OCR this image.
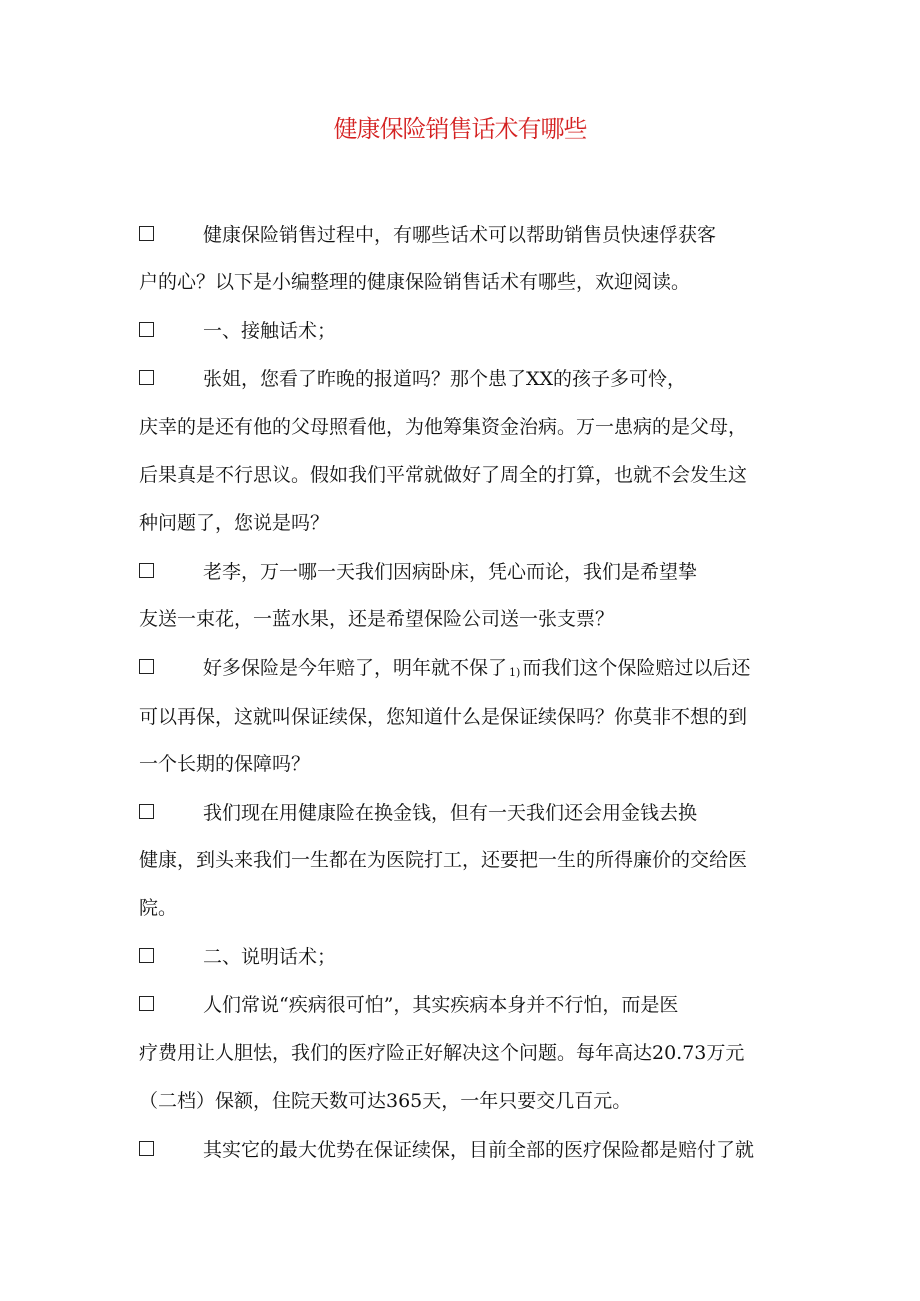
健康保险销售话术有哪些
健康保险销售过程中，有哪些话术可以帮助销售员快速俘获客
户的心？以下是小编整理的健康保险销售话术有哪些，欢迎阅读。
一、接触话术；
张姐，您看了昨晚的报道吗？那个患了XX的孩子多可怜，
庆幸的是还有他的父母照看他，为他筹集资金治病。万一患病的是父母，
后果真是不行思议。假如我们平常就做好了周全的打算，也就不会发生这
种问题了，您说是吗？
老李，万一哪一天我们因病卧床，凭心而论，我们是希望挚
友送一束花，一蓝水果，还是希望保险公司送一张支票？
好多保险是今年赔了，明年就不保了 1) 而我们这个保险赔过以后还
可以再保，这就叫保证续保，您知道什么是保证续保吗？你莫非不想的到
一个长期的保障吗？
我们现在用健康险在换金钱，但有一天我们还会用金钱去换
健康，到头来我们一生都在为医院打工，还要把一生的所得廉价的交给医
院。
二、说明话术；
人们常说“疾病很可怕”，其实疾病本身并不行怕，而是医
疗费用让人胆怯，我们的医疗险正好解决这个问题。每年高达20.73万元
（二档）保额，住院天数可达365天，一年只要交几百元。
其实它的最大优势在保证续保，目前全部的医疗保险都是赔付了就
